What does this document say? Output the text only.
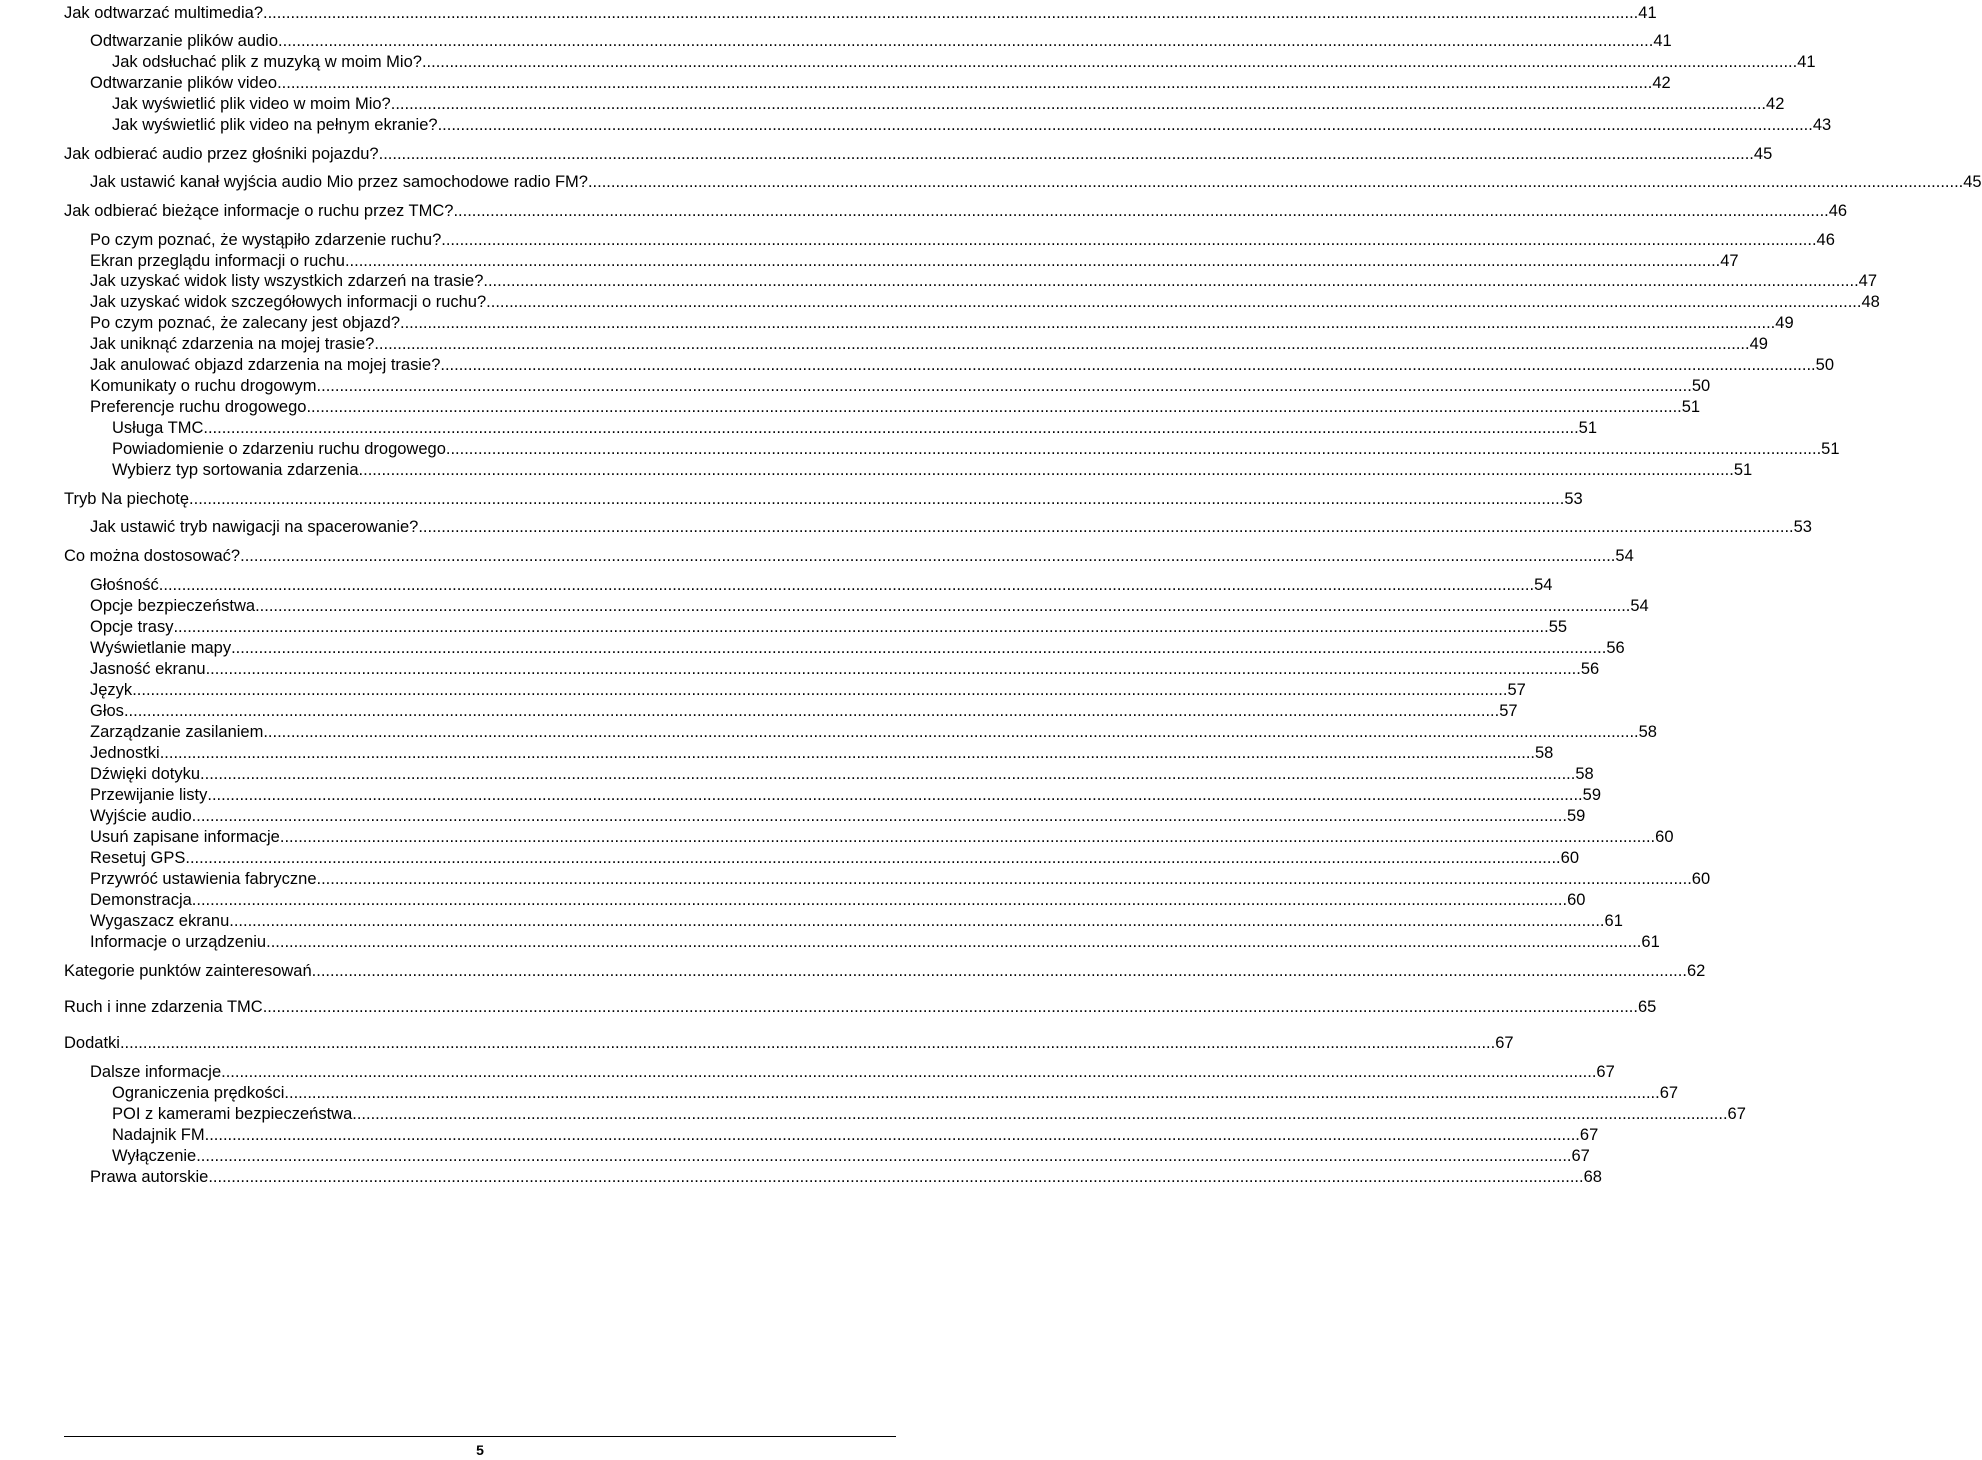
Jak odtwarzać multimedia? ............................................................................................................................................................................................................................................................................................................ 41
Odtwarzanie plików audio ............................................................................................................................................................................................................................................................................................................ 41
Jak odsłuchać plik z muzyką w moim Mio? ............................................................................................................................................................................................................................................................................................................ 41
Odtwarzanie plików video ............................................................................................................................................................................................................................................................................................................ 42
Jak wyświetlić plik video w moim Mio? ............................................................................................................................................................................................................................................................................................................ 42
Jak wyświetlić plik video na pełnym ekranie? ............................................................................................................................................................................................................................................................................................................ 43
Jak odbierać audio przez głośniki pojazdu? ............................................................................................................................................................................................................................................................................................................ 45
Jak ustawić kanał wyjścia audio Mio przez samochodowe radio FM? ............................................................................................................................................................................................................................................................................................................ 45
Jak odbierać bieżące informacje o ruchu przez TMC? ............................................................................................................................................................................................................................................................................................................ 46
Po czym poznać, że wystąpiło zdarzenie ruchu? ............................................................................................................................................................................................................................................................................................................ 46
Ekran przeglądu informacji o ruchu ............................................................................................................................................................................................................................................................................................................ 47
Jak uzyskać widok listy wszystkich zdarzeń na trasie? ............................................................................................................................................................................................................................................................................................................ 47
Jak uzyskać widok szczegółowych informacji o ruchu? ............................................................................................................................................................................................................................................................................................................ 48
Po czym poznać, że zalecany jest objazd? ............................................................................................................................................................................................................................................................................................................ 49
Jak uniknąć zdarzenia na mojej trasie? ............................................................................................................................................................................................................................................................................................................ 49
Jak anulować objazd zdarzenia na mojej trasie? ............................................................................................................................................................................................................................................................................................................ 50
Komunikaty o ruchu drogowym ............................................................................................................................................................................................................................................................................................................ 50
Preferencje ruchu drogowego ............................................................................................................................................................................................................................................................................................................ 51
Usługa TMC ............................................................................................................................................................................................................................................................................................................ 51
Powiadomienie o zdarzeniu ruchu drogowego ............................................................................................................................................................................................................................................................................................................ 51
Wybierz typ sortowania zdarzenia ............................................................................................................................................................................................................................................................................................................ 51
Tryb Na piechotę ............................................................................................................................................................................................................................................................................................................ 53
Jak ustawić tryb nawigacji na spacerowanie? ............................................................................................................................................................................................................................................................................................................ 53
Co można dostosować? ............................................................................................................................................................................................................................................................................................................ 54
Głośność ............................................................................................................................................................................................................................................................................................................ 54
Opcje bezpieczeństwa ............................................................................................................................................................................................................................................................................................................ 54
Opcje trasy ............................................................................................................................................................................................................................................................................................................ 55
Wyświetlanie mapy ............................................................................................................................................................................................................................................................................................................ 56
Jasność ekranu ............................................................................................................................................................................................................................................................................................................ 56
Język ............................................................................................................................................................................................................................................................................................................ 57
Głos ............................................................................................................................................................................................................................................................................................................ 57
Zarządzanie zasilaniem ............................................................................................................................................................................................................................................................................................................ 58
Jednostki ............................................................................................................................................................................................................................................................................................................ 58
Dźwięki dotyku ............................................................................................................................................................................................................................................................................................................ 58
Przewijanie listy ............................................................................................................................................................................................................................................................................................................ 59
Wyjście audio ............................................................................................................................................................................................................................................................................................................ 59
Usuń zapisane informacje ............................................................................................................................................................................................................................................................................................................ 60
Resetuj GPS ............................................................................................................................................................................................................................................................................................................ 60
Przywróć ustawienia fabryczne ............................................................................................................................................................................................................................................................................................................ 60
Demonstracja ............................................................................................................................................................................................................................................................................................................ 60
Wygaszacz ekranu ............................................................................................................................................................................................................................................................................................................ 61
Informacje o urządzeniu ............................................................................................................................................................................................................................................................................................................ 61
Kategorie punktów zainteresowań ............................................................................................................................................................................................................................................................................................................ 62
Ruch i inne zdarzenia TMC ............................................................................................................................................................................................................................................................................................................ 65
Dodatki ............................................................................................................................................................................................................................................................................................................ 67
Dalsze informacje ............................................................................................................................................................................................................................................................................................................ 67
Ograniczenia prędkości ............................................................................................................................................................................................................................................................................................................ 67
POI z kamerami bezpieczeństwa ............................................................................................................................................................................................................................................................................................................ 67
Nadajnik FM ............................................................................................................................................................................................................................................................................................................ 67
Wyłączenie ............................................................................................................................................................................................................................................................................................................ 67
Prawa autorskie ............................................................................................................................................................................................................................................................................................................ 68
5
